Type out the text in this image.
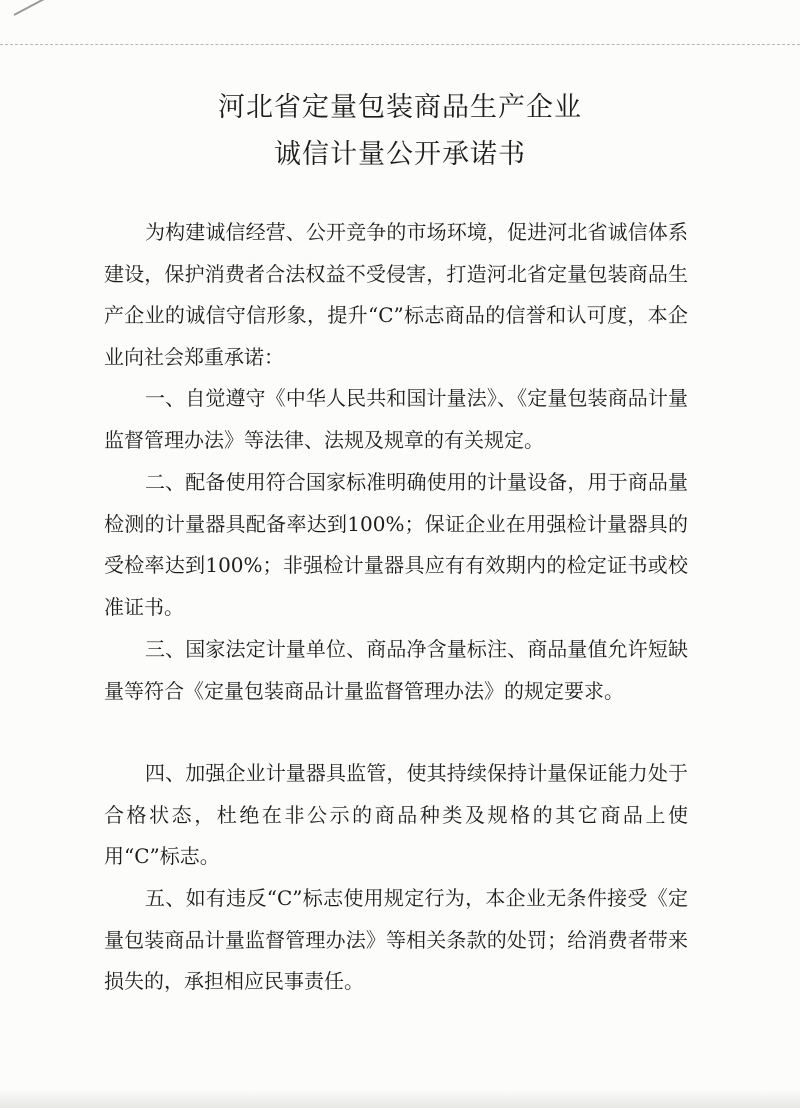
河北省定量包装商品生产企业
诚信计量公开承诺书

为构建诚信经营、公开竞争的市场环境，促进河北省诚信体系建设，保护消费者合法权益不受侵害，打造河北省定量包装商品生产企业的诚信守信形象，提升“C”标志商品的信誉和认可度，本企业向社会郑重承诺：

一、自觉遵守《中华人民共和国计量法》、《定量包装商品计量监督管理办法》等法律、法规及规章的有关规定。

二、配备使用符合国家标准明确使用的计量设备，用于商品量检测的计量器具配备率达到100%；保证企业在用强检计量器具的受检率达到100%；非强检计量器具应有有效期内的检定证书或校准证书。

三、国家法定计量单位、商品净含量标注、商品量值允许短缺量等符合《定量包装商品计量监督管理办法》的规定要求。

四、加强企业计量器具监管，使其持续保持计量保证能力处于合格状态，杜绝在非公示的商品种类及规格的其它商品上使用“C”标志。

五、如有违反“C”标志使用规定行为，本企业无条件接受《定量包装商品计量监督管理办法》等相关条款的处罚；给消费者带来损失的，承担相应民事责任。
